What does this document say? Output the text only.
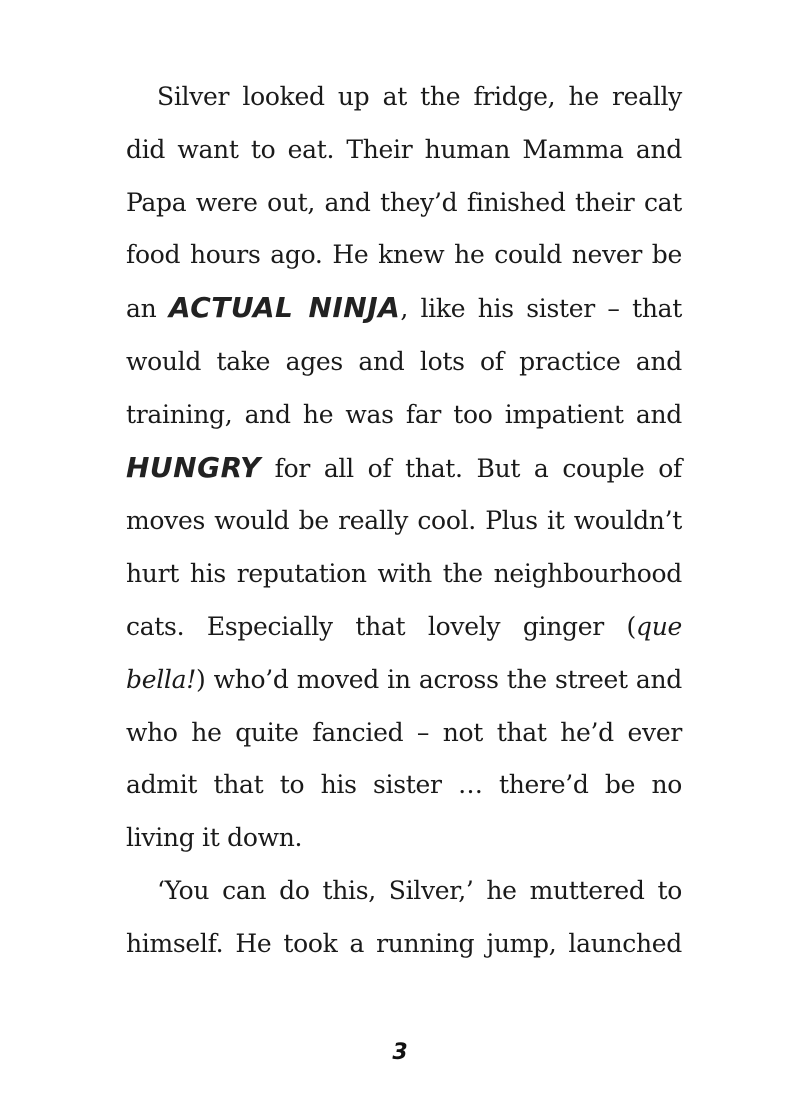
Silver looked up at the fridge, he really did want to eat. Their human Mamma and Papa were out, and they’d finished their cat food hours ago. He knew he could never be an ACTUAL NINJA, like his sister – that would take ages and lots of practice and training, and he was far too impatient and HUNGRY for all of that. But a couple of moves would be really cool. Plus it wouldn’t hurt his reputation with the neighbourhood cats. Especially that lovely ginger (que bella!) who’d moved in across the street and who he quite fancied – not that he’d ever admit that to his sister … there’d be no living it down.

‘You can do this, Silver,’ he muttered to himself. He took a running jump, launched

3
